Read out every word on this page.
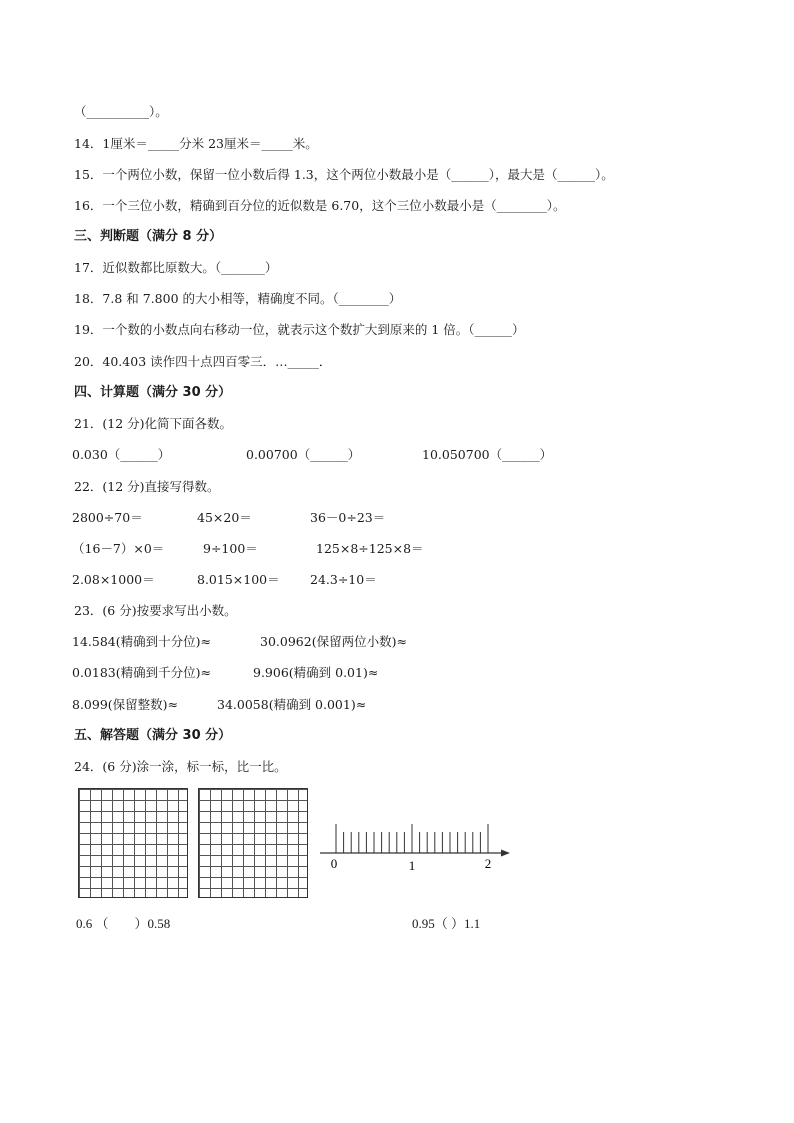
（__________）。
14．1厘米＝_____分米 23厘米＝_____米。
15．一个两位小数，保留一位小数后得 1.3，这个两位小数最小是（______），最大是（______）。
16．一个三位小数，精确到百分位的近似数是 6.70，这个三位小数最小是（________）。
三、判断题（满分 8 分）
17．近似数都比原数大。（_______）
18．7.8 和 7.800 的大小相等，精确度不同。（________）
19．一个数的小数点向右移动一位，就表示这个数扩大到原来的 1 倍。（______）
20．40.403 读作四十点四百零三．…_____．
四、计算题（满分 30 分）
21．(12 分)化简下面各数。
0.030（______）	0.00700（______）	10.050700（______）
22．(12 分)直接写得数。
2800÷70＝	45×20＝	36－0÷23＝
（16－7）×0＝	9÷100＝	125×8÷125×8＝
2.08×1000＝	8.015×100＝ 24.3÷10＝
23．(6 分)按要求写出小数。
14.584(精确到十分位)≈	30.0962(保留两位小数)≈
0.0183(精确到千分位)≈	9.906(精确到 0.01)≈
8.099(保留整数)≈	34.0058(精确到 0.001)≈
五、解答题（满分 30 分）
24．(6 分)涂一涂，标一标，比一比。
0	1	2
0.6 （　　）0.58	0.95（ ）1.1
